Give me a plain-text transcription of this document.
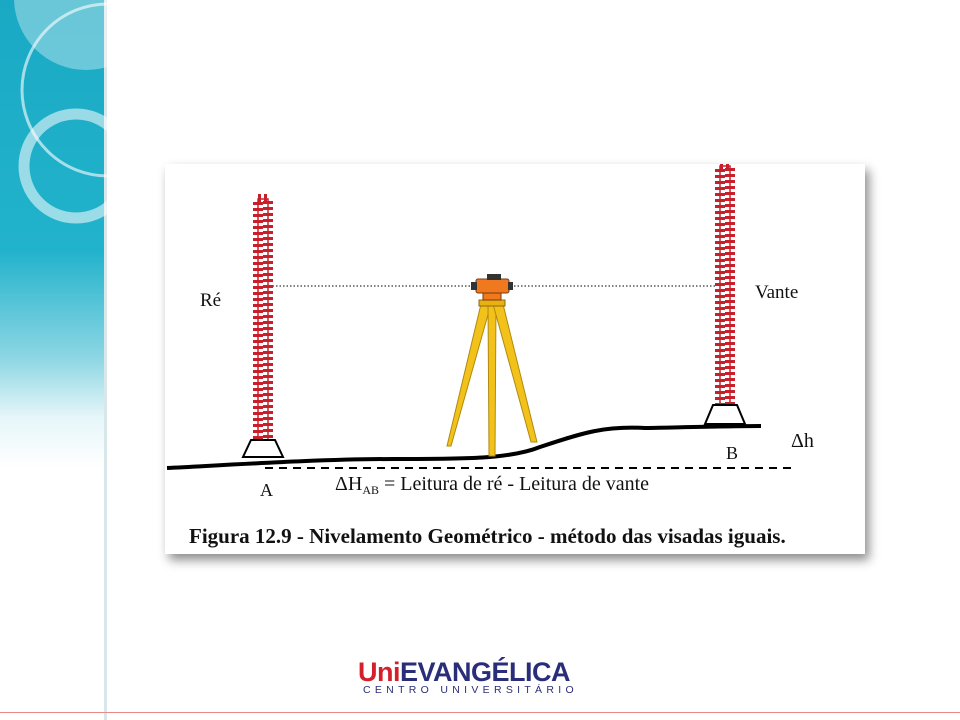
Ré	Vante
A
B
Δh
$\Delta H_{AB}$ = Leitura de ré - Leitura de vante
Figura 12.9 - Nivelamento Geométrico - método das visadas iguais.
UniEVANGÉLICA
CENTRO UNIVERSITÁRIO
